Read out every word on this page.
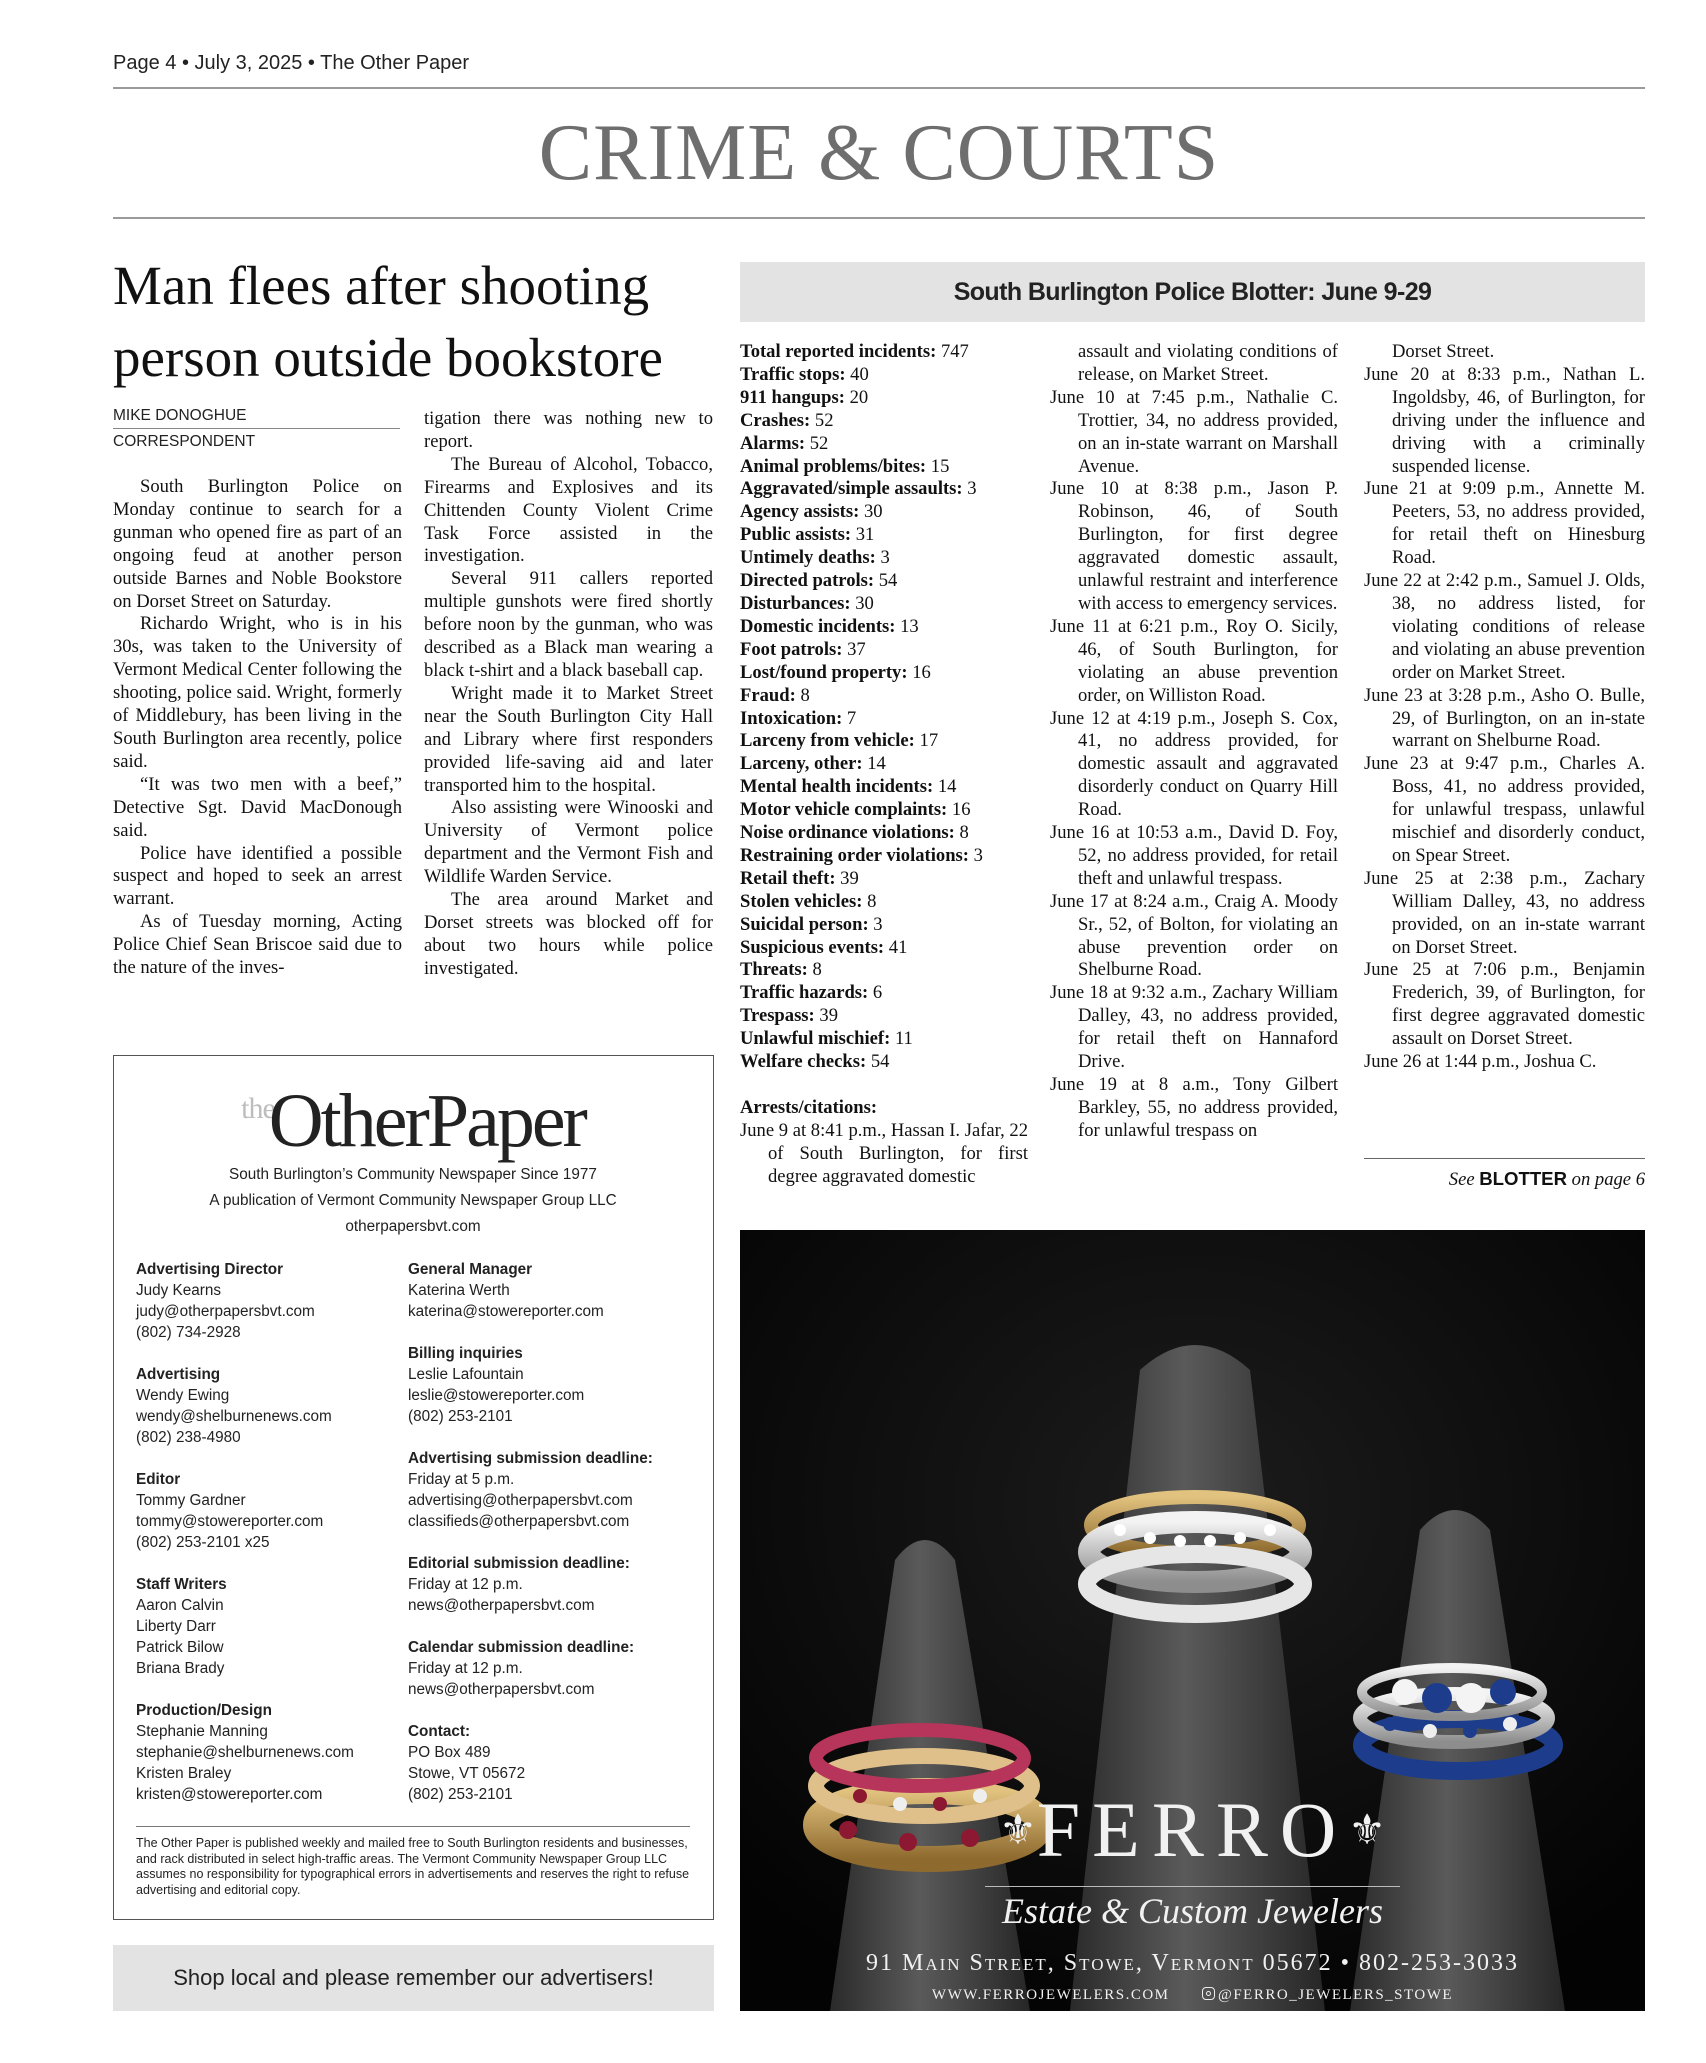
Page 4 • July 3, 2025 • The Other Paper
CRIME & COURTS
Man flees after shooting person outside bookstore
MIKE DONOGHUE
CORRESPONDENT

South Burlington Police on Monday continue to search for a gunman who opened fire as part of an ongoing feud at another person outside Barnes and Noble Bookstore on Dorset Street on Saturday.

Richardo Wright, who is in his 30s, was taken to the University of Vermont Medical Center following the shooting, police said. Wright, formerly of Middlebury, has been living in the South Burlington area recently, police said.

“It was two men with a beef,” Detective Sgt. David MacDonough said.

Police have identified a possible suspect and hoped to seek an arrest warrant.

As of Tuesday morning, Acting Police Chief Sean Briscoe said due to the nature of the inves-

tigation there was nothing new to report.

The Bureau of Alcohol, Tobacco, Firearms and Explosives and its Chittenden County Violent Crime Task Force assisted in the investigation.

Several 911 callers reported multiple gunshots were fired shortly before noon by the gunman, who was described as a Black man wearing a black t-shirt and a black baseball cap.

Wright made it to Market Street near the South Burlington City Hall and Library where first responders provided life-saving aid and later transported him to the hospital.

Also assisting were Winooski and University of Vermont police department and the Vermont Fish and Wildlife Warden Service.

The area around Market and Dorset streets was blocked off for about two hours while police investigated.

South Burlington Police Blotter: June 9-29
Total reported incidents: 747
Traffic stops: 40
911 hangups: 20
Crashes: 52
Alarms: 52
Animal problems/bites: 15
Aggravated/simple assaults: 3
Agency assists: 30
Public assists: 31
Untimely deaths: 3
Directed patrols: 54
Disturbances: 30
Domestic incidents: 13
Foot patrols: 37
Lost/found property: 16
Fraud: 8
Intoxication: 7
Larceny from vehicle: 17
Larceny, other: 14
Mental health incidents: 14
Motor vehicle complaints: 16
Noise ordinance violations: 8
Restraining order violations: 3
Retail theft: 39
Stolen vehicles: 8
Suicidal person: 3
Suspicious events: 41
Threats: 8
Traffic hazards: 6
Trespass: 39
Unlawful mischief: 11
Welfare checks: 54
Arrests/citations:
June 9 at 8:41 p.m., Hassan I. Jafar, 22 of South Burlington, for first degree aggravated domestic
assault and violating conditions of release, on Market Street.
June 10 at 7:45 p.m., Nathalie C. Trottier, 34, no address provided, on an in-state warrant on Marshall Avenue.
June 10 at 8:38 p.m., Jason P. Robinson, 46, of South Burlington, for first degree aggravated domestic assault, unlawful restraint and interference with access to emergency services.
June 11 at 6:21 p.m., Roy O. Sicily, 46, of South Burlington, for violating an abuse prevention order, on Williston Road.
June 12 at 4:19 p.m., Joseph S. Cox, 41, no address provided, for domestic assault and aggravated disorderly conduct on Quarry Hill Road.
June 16 at 10:53 a.m., David D. Foy, 52, no address provided, for retail theft and unlawful trespass.
June 17 at 8:24 a.m., Craig A. Moody Sr., 52, of Bolton, for violating an abuse prevention order on Shelburne Road.
June 18 at 9:32 a.m., Zachary William Dalley, 43, no address provided, for retail theft on Hannaford Drive.
June 19 at 8 a.m., Tony Gilbert Barkley, 55, no address provided, for unlawful trespass on
Dorset Street.
June 20 at 8:33 p.m., Nathan L. Ingoldsby, 46, of Burlington, for driving under the influence and driving with a criminally suspended license.
June 21 at 9:09 p.m., Annette M. Peeters, 53, no address provided, for retail theft on Hinesburg Road.
June 22 at 2:42 p.m., Samuel J. Olds, 38, no address listed, for violating conditions of release and violating an abuse prevention order on Market Street.
June 23 at 3:28 p.m., Asho O. Bulle, 29, of Burlington, on an in-state warrant on Shelburne Road.
June 23 at 9:47 p.m., Charles A. Boss, 41, no address provided, for unlawful trespass, unlawful mischief and disorderly conduct, on Spear Street.
June 25 at 2:38 p.m., Zachary William Dalley, 43, no address provided, on an in-state warrant on Dorset Street.
June 25 at 7:06 p.m., Benjamin Frederich, 39, of Burlington, for first degree aggravated domestic assault on Dorset Street.
June 26 at 1:44 p.m., Joshua C.
See BLOTTER on page 6
$^{the}$OtherPaper
South Burlington’s Community Newspaper Since 1977
A publication of Vermont Community Newspaper Group LLC
otherpapersbvt.com
Advertising Director
Judy Kearns
judy@otherpapersbvt.com
(802) 734-2928
Advertising
Wendy Ewing
wendy@shelburnenews.com
(802) 238-4980
Editor
Tommy Gardner
tommy@stowereporter.com
(802) 253-2101 x25
Staff Writers
Aaron Calvin
Liberty Darr
Patrick Bilow
Briana Brady
Production/Design
Stephanie Manning
stephanie@shelburnenews.com
Kristen Braley
kristen@stowereporter.com
General Manager
Katerina Werth
katerina@stowereporter.com
Billing inquiries
Leslie Lafountain
leslie@stowereporter.com
(802) 253-2101
Advertising submission deadline:
Friday at 5 p.m.
advertising@otherpapersbvt.com
classifieds@otherpapersbvt.com
Editorial submission deadline:
Friday at 12 p.m.
news@otherpapersbvt.com
Calendar submission deadline:
Friday at 12 p.m.
news@otherpapersbvt.com
Contact:
PO Box 489
Stowe, VT 05672
(802) 253-2101
The Other Paper is published weekly and mailed free to South Burlington residents and businesses, and rack distributed in select high-traffic areas. The Vermont Community Newspaper Group LLC assumes no responsibility for typographical errors in advertisements and reserves the right to refuse advertising and editorial copy.
Shop local and please remember our advertisers!
⚜FERRO⚜
Estate & Custom Jewelers
91 Main Street, Stowe, Vermont 05672 • 802-253-3033
WWW.FERROJEWELERS.COM	@FERRO_JEWELERS_STOWE
